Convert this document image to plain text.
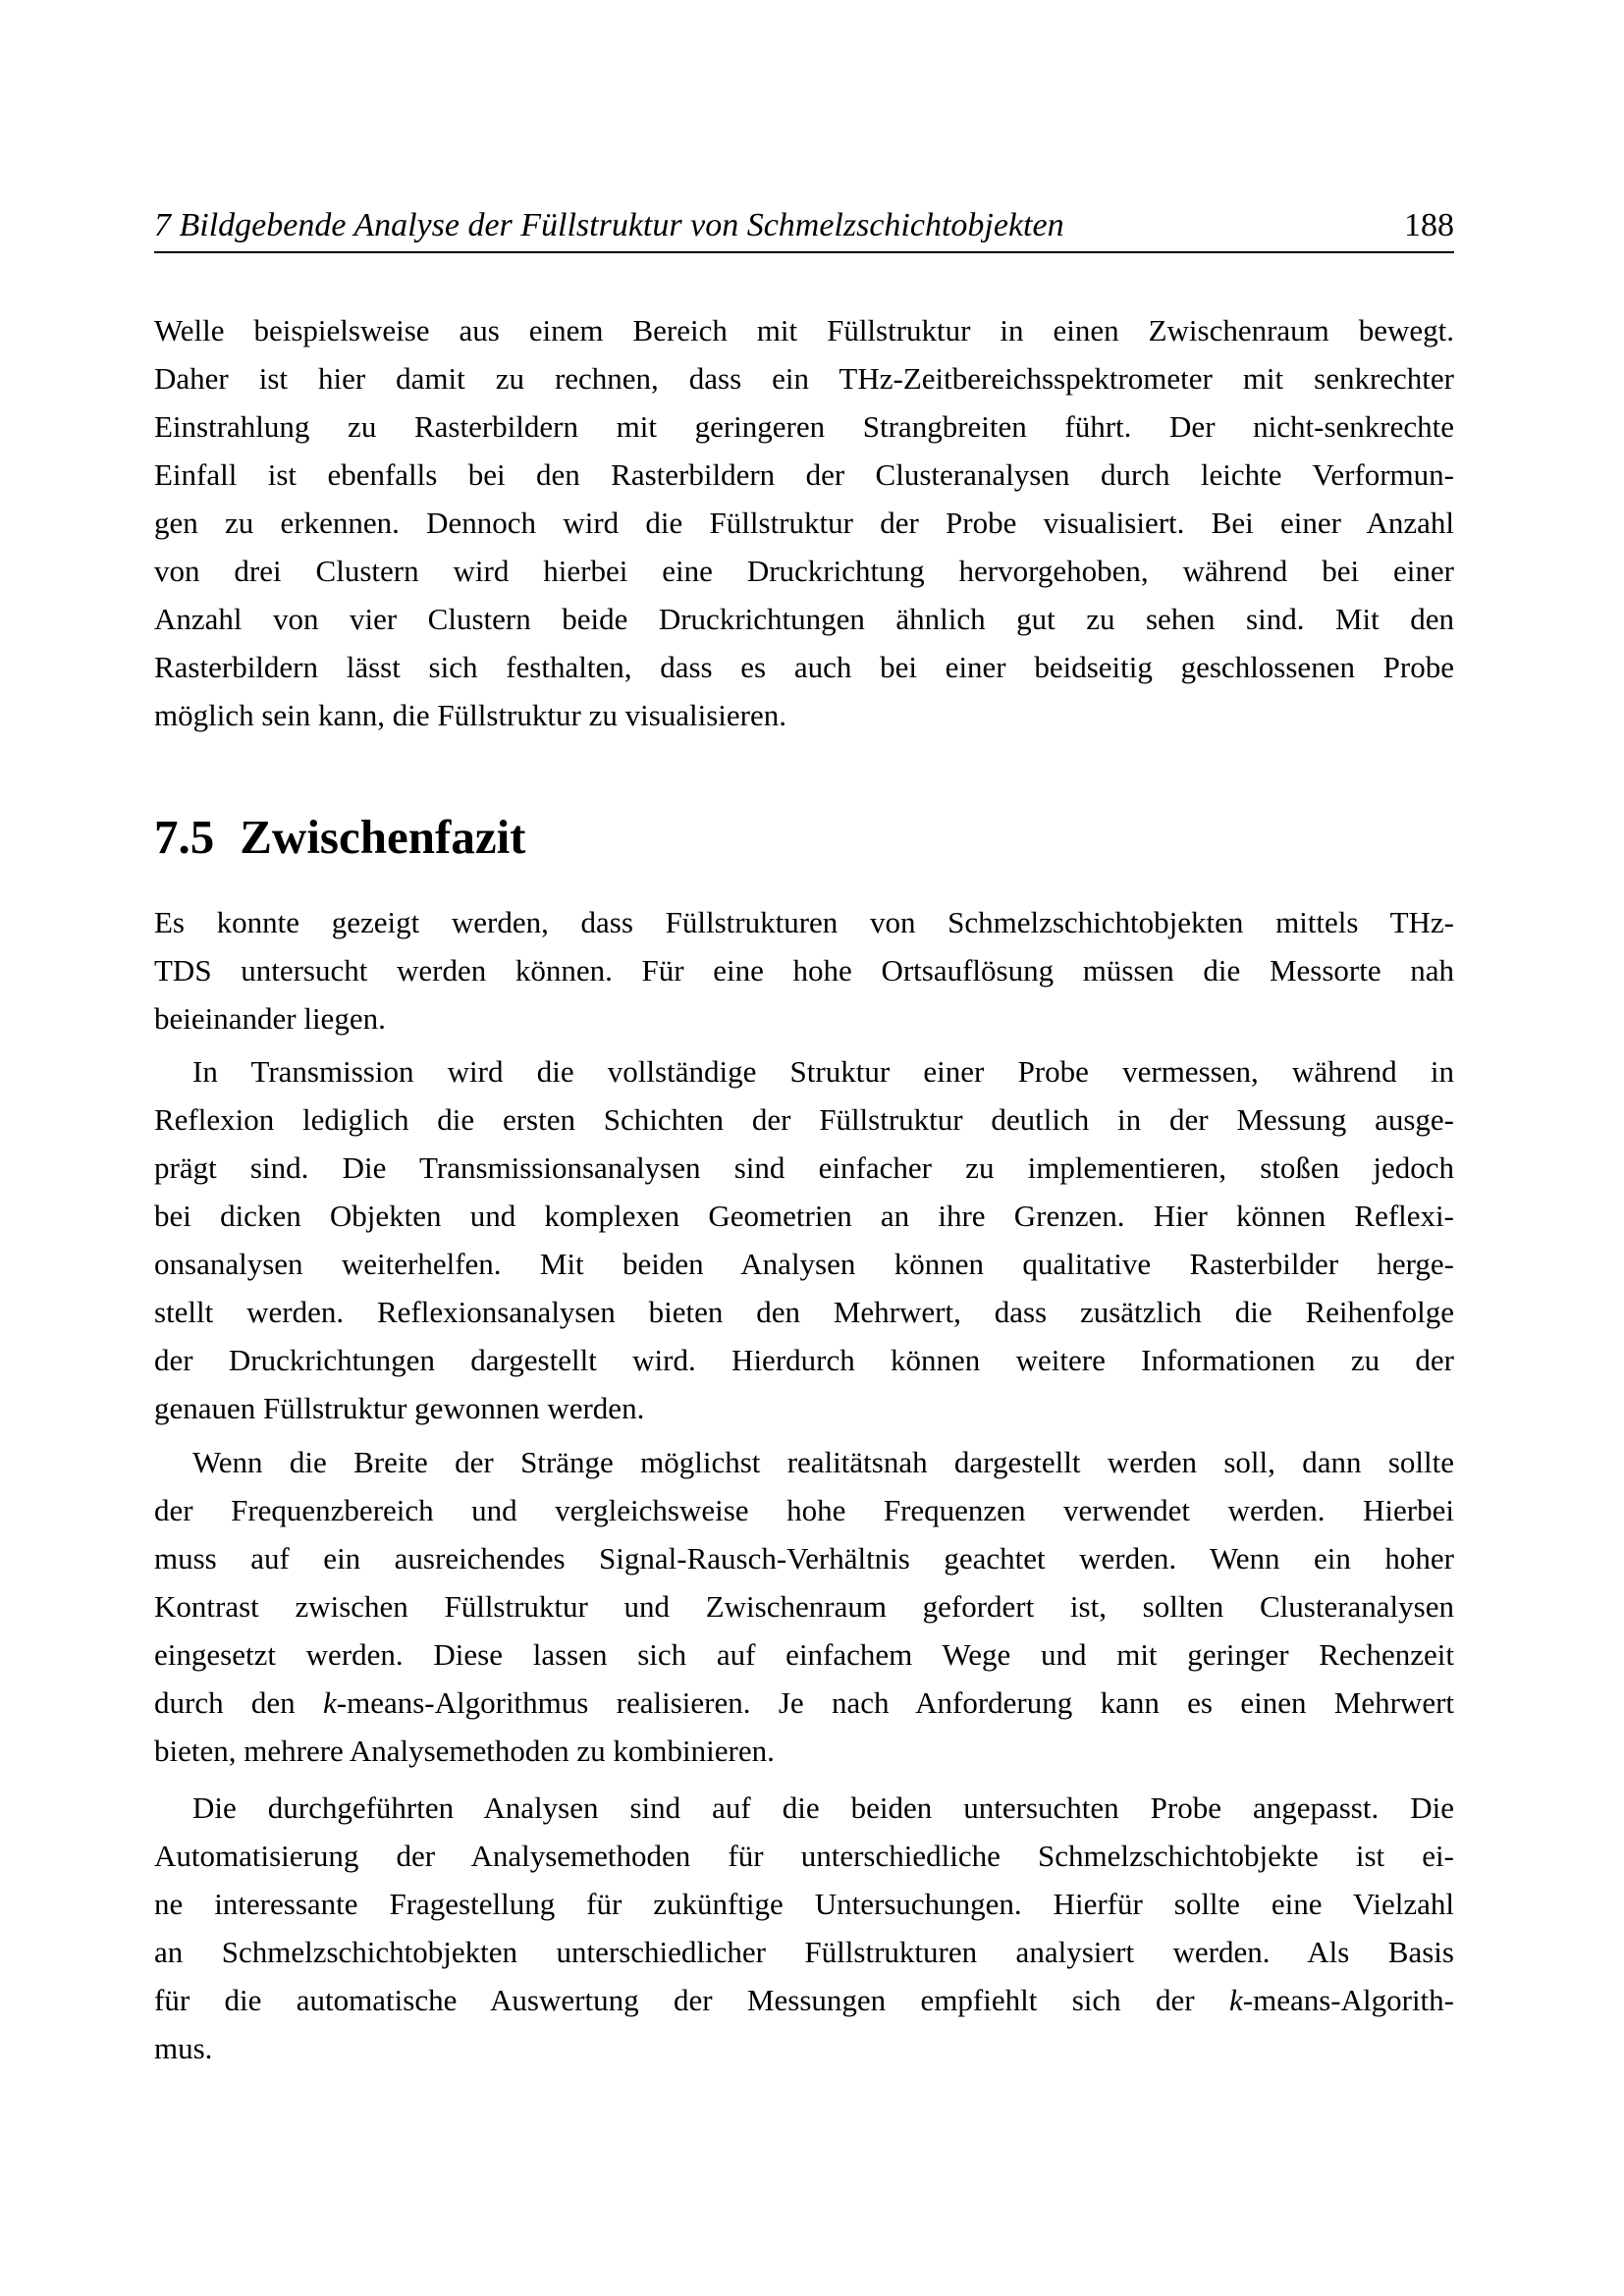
7 Bildgebende Analyse der Füllstruktur von Schmelzschichtobjekten	188
Welle beispielsweise aus einem Bereich mit Füllstruktur in einen Zwischenraum bewegt.
Daher ist hier damit zu rechnen, dass ein THz-Zeitbereichsspektrometer mit senkrechter
Einstrahlung zu Rasterbildern mit geringeren Strangbreiten führt. Der nicht-senkrechte
Einfall ist ebenfalls bei den Rasterbildern der Clusteranalysen durch leichte Verformun-
gen zu erkennen. Dennoch wird die Füllstruktur der Probe visualisiert. Bei einer Anzahl
von drei Clustern wird hierbei eine Druckrichtung hervorgehoben, während bei einer
Anzahl von vier Clustern beide Druckrichtungen ähnlich gut zu sehen sind. Mit den
Rasterbildern lässt sich festhalten, dass es auch bei einer beidseitig geschlossenen Probe
möglich sein kann, die Füllstruktur zu visualisieren.
7.5 Zwischenfazit
Es konnte gezeigt werden, dass Füllstrukturen von Schmelzschichtobjekten mittels THz-
TDS untersucht werden können. Für eine hohe Ortsauflösung müssen die Messorte nah
beieinander liegen.
In Transmission wird die vollständige Struktur einer Probe vermessen, während in
Reflexion lediglich die ersten Schichten der Füllstruktur deutlich in der Messung ausge-
prägt sind. Die Transmissionsanalysen sind einfacher zu implementieren, stoßen jedoch
bei dicken Objekten und komplexen Geometrien an ihre Grenzen. Hier können Reflexi-
onsanalysen weiterhelfen. Mit beiden Analysen können qualitative Rasterbilder herge-
stellt werden. Reflexionsanalysen bieten den Mehrwert, dass zusätzlich die Reihenfolge
der Druckrichtungen dargestellt wird. Hierdurch können weitere Informationen zu der
genauen Füllstruktur gewonnen werden.
Wenn die Breite der Stränge möglichst realitätsnah dargestellt werden soll, dann sollte
der Frequenzbereich und vergleichsweise hohe Frequenzen verwendet werden. Hierbei
muss auf ein ausreichendes Signal-Rausch-Verhältnis geachtet werden. Wenn ein hoher
Kontrast zwischen Füllstruktur und Zwischenraum gefordert ist, sollten Clusteranalysen
eingesetzt werden. Diese lassen sich auf einfachem Wege und mit geringer Rechenzeit
durch den k-means-Algorithmus realisieren. Je nach Anforderung kann es einen Mehrwert
bieten, mehrere Analysemethoden zu kombinieren.
Die durchgeführten Analysen sind auf die beiden untersuchten Probe angepasst. Die
Automatisierung der Analysemethoden für unterschiedliche Schmelzschichtobjekte ist ei-
ne interessante Fragestellung für zukünftige Untersuchungen. Hierfür sollte eine Vielzahl
an Schmelzschichtobjekten unterschiedlicher Füllstrukturen analysiert werden. Als Basis
für die automatische Auswertung der Messungen empfiehlt sich der k-means-Algorith-
mus.
